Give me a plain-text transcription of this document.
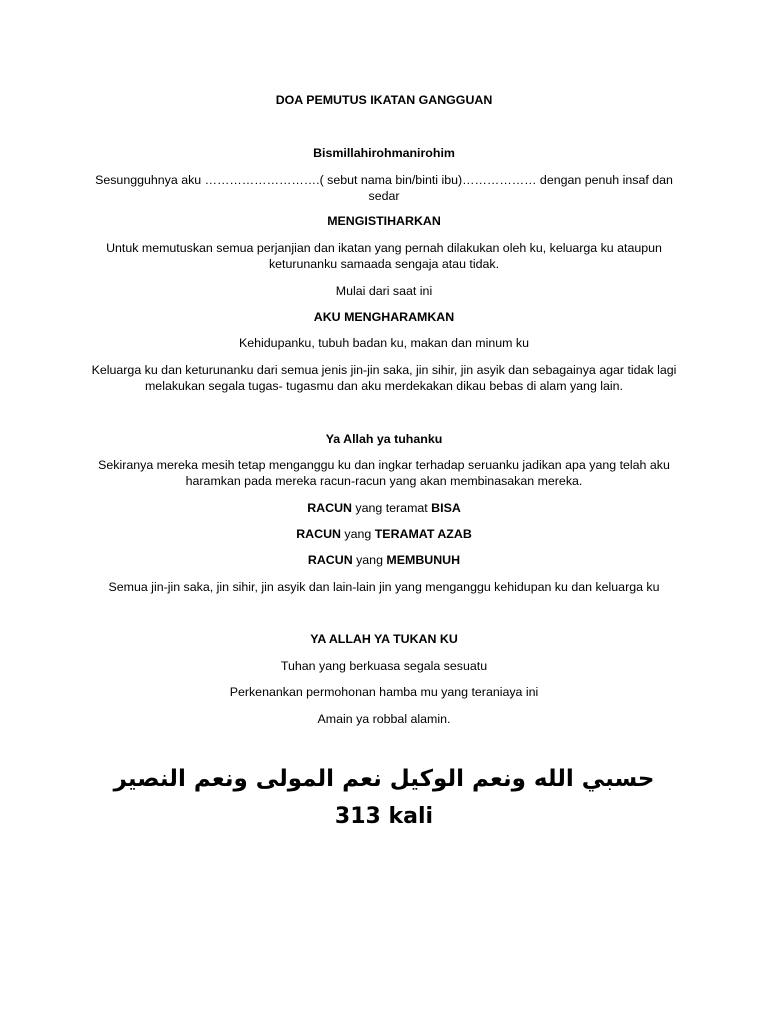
DOA PEMUTUS IKATAN GANGGUAN
Bismillahirohmanirohim
Sesungguhnya aku ……………………….( sebut nama bin/binti ibu)……………… dengan penuh insaf dan sedar
MENGISTIHARKAN
Untuk memutuskan semua perjanjian dan ikatan yang pernah dilakukan oleh ku, keluarga ku ataupun keturunanku samaada sengaja atau tidak.
Mulai dari saat ini
AKU MENGHARAMKAN
Kehidupanku, tubuh badan ku, makan dan minum ku
Keluarga ku dan keturunanku dari semua jenis jin-jin saka, jin sihir, jin asyik dan sebagainya agar tidak lagi melakukan segala tugas- tugasmu dan aku merdekakan dikau bebas di alam yang lain.
Ya Allah ya tuhanku
Sekiranya mereka mesih tetap menganggu ku dan ingkar terhadap seruanku jadikan apa yang telah aku haramkan pada mereka racun-racun yang akan membinasakan mereka.
RACUN yang teramat BISA
RACUN yang TERAMAT AZAB
RACUN yang MEMBUNUH
Semua jin-jin saka, jin sihir, jin asyik dan lain-lain jin yang menganggu kehidupan ku dan keluarga ku
YA ALLAH YA TUKAN KU
Tuhan yang berkuasa segala sesuatu
Perkenankan permohonan hamba mu yang teraniaya ini
Amain ya robbal alamin.
حسبي الله ونعم الوكيل نعم المولى ونعم النصير
313 kali
